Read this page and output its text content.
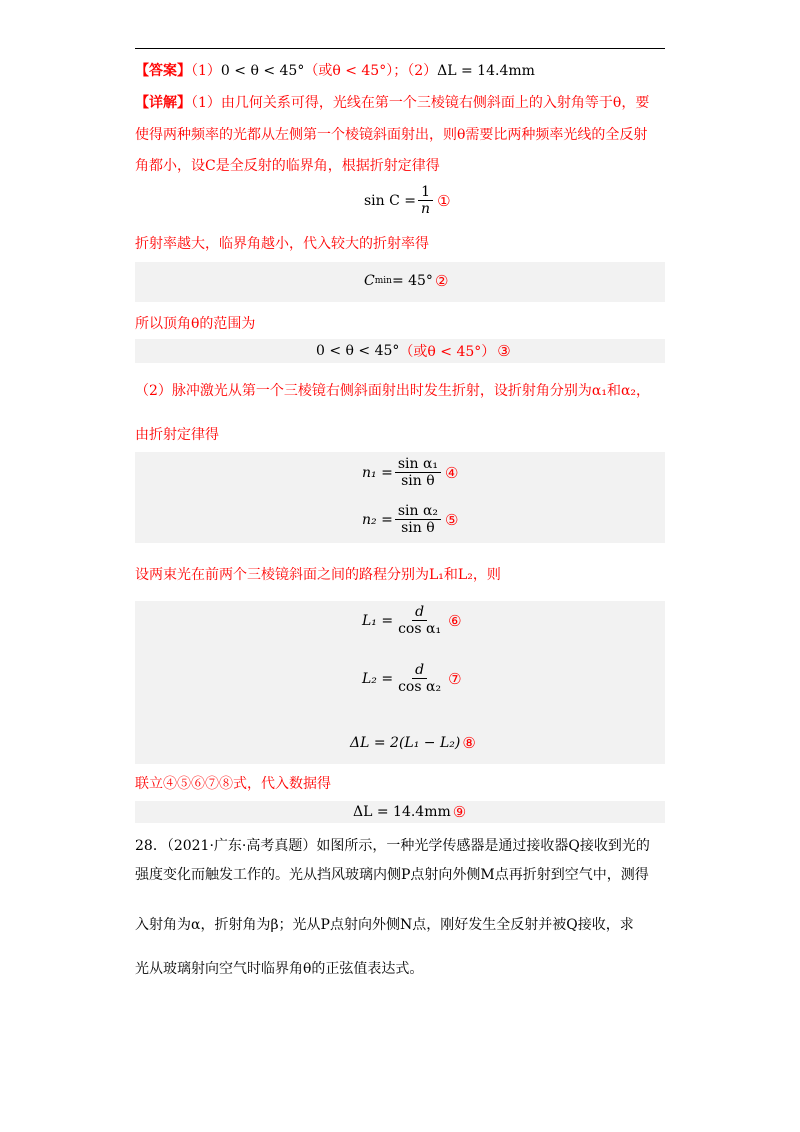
【答案】（1）0 < θ < 45°（或θ < 45°）；（2）ΔL = 14.4mm
【详解】（1）由几何关系可得，光线在第一个三棱镜右侧斜面上的入射角等于θ，要
使得两种频率的光都从左侧第一个棱镜斜面射出，则θ需要比两种频率光线的全反射
角都小，设C是全反射的临界角，根据折射定律得
$\sin C = \frac{1}{n}$ ①
折射率越大，临界角越小，代入较大的折射率得
C min = 45° ②
所以顶角θ的范围为
0 < θ < 45° （或θ < 45°） ③
（2）脉冲激光从第一个三棱镜右侧斜面射出时发生折射，设折射角分别为α₁和α₂，
由折射定律得
$n_1 = \frac{\text{sin α₁}}{\text{sin θ}}$ ④
$n_2 = \frac{\text{sin α₂}}{\text{sin θ}}$ ⑤
设两束光在前两个三棱镜斜面之间的路程分别为L₁和L₂，则
$L_1 = \frac{d}{\text{cos α₁}}$ ⑥
$L_2 = \frac{d}{\text{cos α₂}}$ ⑦
ΔL = 2(L₁ − L₂) ⑧
联立④⑤⑥⑦⑧式，代入数据得
ΔL = 14.4mm ⑨
28．（2021·广东·高考真题）如图所示，一种光学传感器是通过接收器Q接收到光的
强度变化而触发工作的。光从挡风玻璃内侧P点射向外侧M点再折射到空气中，测得
入射角为α，折射角为β；光从P点射向外侧N点，刚好发生全反射并被Q接收，求
光从玻璃射向空气时临界角θ的正弦值表达式。
